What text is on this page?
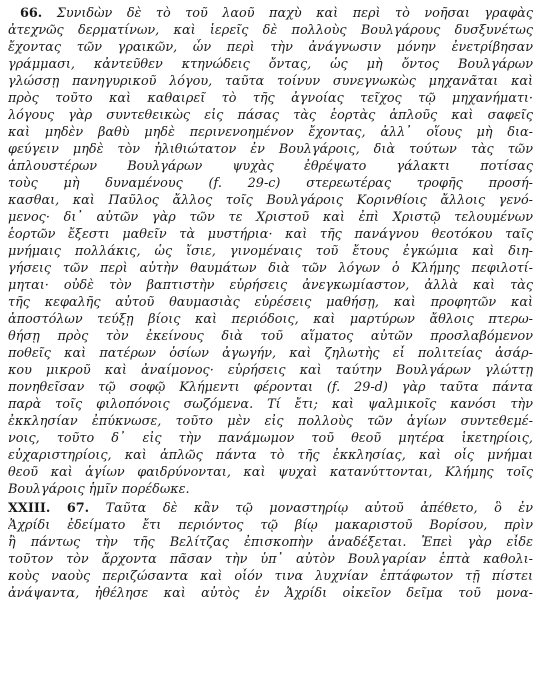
66. Συνιδὼν δὲ τὸ τοῦ λαοῦ παχὺ καὶ περὶ τὸ νοῆσαι γραφὰς
ἀτεχνῶς δερματίνων, καὶ ἱερεῖς δὲ πολλοὺς Βουλγάρους δυσξυνέτως
ἔχοντας τῶν γραικῶν, ὧν περὶ τὴν ἀνάγνωσιν μόνην ἐνετρίβησαν
γράμμασι, κἀντεῦθεν κτηνώδεις ὄντας, ὡς μὴ ὄντος Βουλγάρων
γλώσσῃ πανηγυρικοῦ λόγου, ταῦτα τοίνυν συνεγνωκὼς μηχανᾶται καὶ
πρὸς τοῦτο καὶ καθαιρεῖ τὸ τῆς ἀγνοίας τεῖχος τῷ μηχανήματι·
λόγους γὰρ συντεθεικὼς εἰς πάσας τὰς ἑορτὰς ἁπλοῦς καὶ σαφεῖς
καὶ μηδὲν βαθὺ μηδὲ περινενοημένον ἔχοντας, ἀλλ᾽ οἵους μὴ δια-
φεύγειν μηδὲ τὸν ἠλιθιώτατον ἐν Βουλγάροις, διὰ τούτων τὰς τῶν
ἁπλουστέρων Βουλγάρων ψυχὰς ἐθρέψατο γάλακτι ποτίσας
τοὺς μὴ δυναμένους (f. 29-c) στερεωτέρας τροφῆς προσή-
κασθαι, καὶ Παῦλος ἄλλος τοῖς Βουλγάροις Κορινθίοις ἄλλοις γενό-
μενος· δι᾽ αὐτῶν γὰρ τῶν τε Χριστοῦ καὶ ἐπὶ Χριστῷ τελουμένων
ἑορτῶν ἔξεστι μαθεῖν τὰ μυστήρια· καὶ τῆς πανάγνου θεοτόκου ταῖς
μνήμαις πολλάκις, ὡς ἴσιε, γινομέναις τοῦ ἔτους ἐγκώμια καὶ διη-
γήσεις τῶν περὶ αὐτὴν θαυμάτων διὰ τῶν λόγων ὁ Κλήμης πεφιλοτί-
μηται· οὐδὲ τὸν βαπτιστὴν εὑρήσεις ἀνεγκωμίαστον, ἀλλὰ καὶ τὰς
τῆς κεφαλῆς αὐτοῦ θαυμασιὰς εὑρέσεις μαθήσῃ, καὶ προφητῶν καὶ
ἀποστόλων τεύξῃ βίοις καὶ περιόδοις, καὶ μαρτύρων ἄθλοις πτερω-
θήσῃ πρὸς τὸν ἐκείνους διὰ τοῦ αἵματος αὐτῶν προσλαβόμενον
ποθεῖς καὶ πατέρων ὁσίων ἀγωγήν, καὶ ζηλωτὴς εἶ πολιτείας ἀσάρ-
κου μικροῦ καὶ ἀναίμονος· εὑρήσεις καὶ ταύτην Βουλγάρων γλώττῃ
πονηθεῖσαν τῷ σοφῷ Κλήμεντι φέρονται (f. 29-d) γὰρ ταῦτα πάντα
παρὰ τοῖς φιλοπόνοις σωζόμενα. Τί ἔτι; καὶ ψαλμικοῖς κανόσι τὴν
ἐκκλησίαν ἐπύκνωσε, τοῦτο μὲν εἰς πολλοὺς τῶν ἁγίων συντεθεμέ-
νοις, τοῦτο δ᾽ εἰς τὴν πανάμωμον τοῦ θεοῦ μητέρα ἱκετηρίοις,
εὐχαριστηρίοις, καὶ ἁπλῶς πάντα τὸ τῆς ἐκκλησίας, καὶ οἷς μνήμαι
θεοῦ καὶ ἁγίων φαιδρύνονται, καὶ ψυχαὶ κατανύττονται, Κλήμης τοῖς
Βουλγάροις ἡμῖν πορέδωκε.
XXIII. 67. Ταῦτα δὲ κἂν τῷ μοναστηρίῳ αὐτοῦ ἀπέθετο, ὃ ἐν
Ἀχρίδι ἐδείματο ἔτι περιόντος τῷ βίῳ μακαριστοῦ Βορίσου, πρὶν
ἢ πάντως τὴν τῆς Βελίτζας ἐπισκοπὴν ἀναδέξεται. Ἐπεὶ γὰρ εἶδε
τοῦτον τὸν ἄρχοντα πᾶσαν τὴν ὑπ᾽ αὐτὸν Βουλγαρίαν ἑπτὰ καθολι-
κοὺς ναοὺς περιζώσαντα καὶ οἷόν τινα λυχνίαν ἑπτάφωτον τῇ πίστει
ἀνάψαντα, ἠθέλησε καὶ αὐτὸς ἐν Ἀχρίδι οἰκεῖον δεῖμα τοῦ μονα-
